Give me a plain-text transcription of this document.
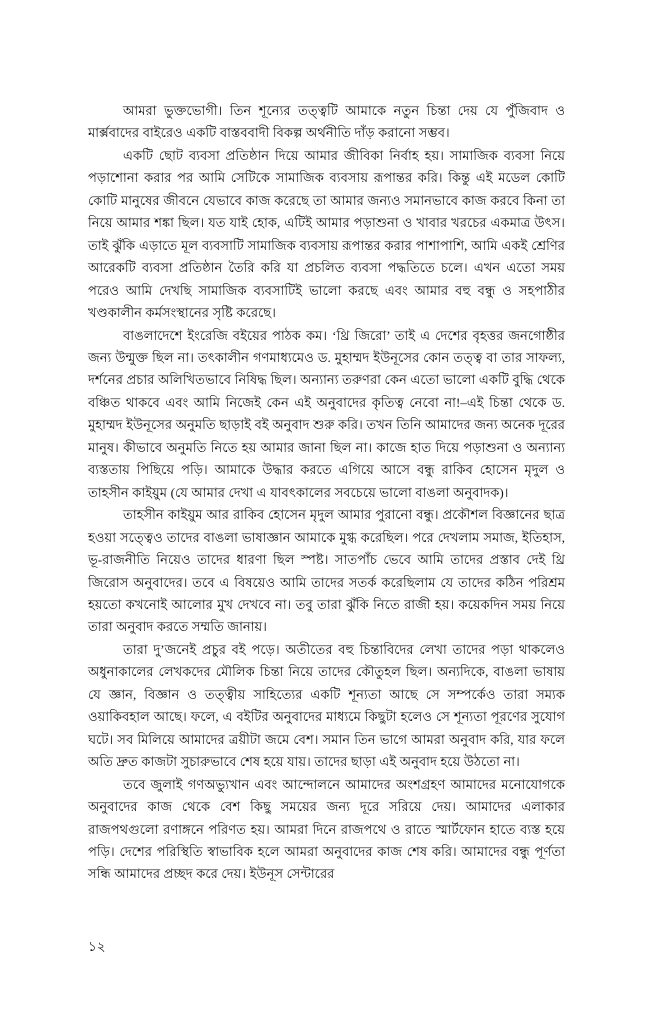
আমরা ভুক্তভোগী। তিন শূন্যের তত্ত্বটি আমাকে নতুন চিন্তা দেয় যে পুঁজিবাদ ও মার্ক্সবাদের বাইরেও একটি বাস্তববাদী বিকল্প অর্থনীতি দাঁড় করানো সম্ভব।

একটি ছোট ব্যবসা প্রতিষ্ঠান দিয়ে আমার জীবিকা নির্বাহ হয়। সামাজিক ব্যবসা নিয়ে পড়াশোনা করার পর আমি সেটিকে সামাজিক ব্যবসায় রূপান্তর করি। কিন্তু এই মডেল কোটি কোটি মানুষের জীবনে যেভাবে কাজ করেছে তা আমার জন্যও সমানভাবে কাজ করবে কিনা তা নিয়ে আমার শঙ্কা ছিল। যত যাই হোক, এটিই আমার পড়াশুনা ও খাবার খরচের একমাত্র উৎস। তাই ঝুঁকি এড়াতে মূল ব্যবসাটি সামাজিক ব্যবসায় রূপান্তর করার পাশাপাশি, আমি একই শ্রেণির আরেকটি ব্যবসা প্রতিষ্ঠান তৈরি করি যা প্রচলিত ব্যবসা পদ্ধতিতে চলে। এখন এতো সময় পরেও আমি দেখছি সামাজিক ব্যবসাটিই ভালো করছে এবং আমার বহু বন্ধু ও সহপাঠীর খণ্ডকালীন কর্মসংস্থানের সৃষ্টি করেছে।

বাঙলাদেশে ইংরেজি বইয়ের পাঠক কম। ‘থ্রি জিরো’ তাই এ দেশের বৃহত্তর জনগোষ্ঠীর জন্য উন্মুক্ত ছিল না। তৎকালীন গণমাধ্যমেও ড. মুহাম্মদ ইউনূসের কোন তত্ত্ব বা তার সাফল্য, দর্শনের প্রচার অলিখিতভাবে নিষিদ্ধ ছিল। অন্যান্য তরুণরা কেন এতো ভালো একটি বুদ্ধি থেকে বঞ্চিত থাকবে এবং আমি নিজেই কেন এই অনুবাদের কৃতিত্ব নেবো না!–এই চিন্তা থেকে ড. মুহাম্মদ ইউনূসের অনুমতি ছাড়াই বই অনুবাদ শুরু করি। তখন তিনি আমাদের জন্য অনেক দূরের মানুষ। কীভাবে অনুমতি নিতে হয় আমার জানা ছিল না। কাজে হাত দিয়ে পড়াশুনা ও অন্যান্য ব্যস্ততায় পিছিয়ে পড়ি। আমাকে উদ্ধার করতে এগিয়ে আসে বন্ধু রাকিব হোসেন মৃদুল ও তাহসীন কাইয়ুম (যে আমার দেখা এ যাবৎকালের সবচেয়ে ভালো বাঙলা অনুবাদক)।

তাহসীন কাইয়ুম আর রাকিব হোসেন মৃদুল আমার পুরানো বন্ধু। প্রকৌশল বিজ্ঞানের ছাত্র হওয়া সত্ত্বেও তাদের বাঙলা ভাষাজ্ঞান আমাকে মুগ্ধ করেছিল। পরে দেখলাম সমাজ, ইতিহাস, ভূ-রাজনীতি নিয়েও তাদের ধারণা ছিল স্পষ্ট। সাতপাঁচ ভেবে আমি তাদের প্রস্তাব দেই থ্রি জিরোস অনুবাদের। তবে এ বিষয়েও আমি তাদের সতর্ক করেছিলাম যে তাদের কঠিন পরিশ্রম হয়তো কখনোই আলোর মুখ দেখবে না। তবু তারা ঝুঁকি নিতে রাজী হয়। কয়েকদিন সময় নিয়ে তারা অনুবাদ করতে সম্মতি জানায়।

তারা দু’জনেই প্রচুর বই পড়ে। অতীতের বহু চিন্তাবিদের লেখা তাদের পড়া থাকলেও অধুনাকালের লেখকদের মৌলিক চিন্তা নিয়ে তাদের কৌতুহল ছিল। অন্যদিকে, বাঙলা ভাষায় যে জ্ঞান, বিজ্ঞান ও তত্ত্বীয় সাহিত্যের একটি শূন্যতা আছে সে সম্পর্কেও তারা সম্যক ওয়াকিবহাল আছে। ফলে, এ বইটির অনুবাদের মাধ্যমে কিছুটা হলেও সে শূন্যতা পূরণের সুযোগ ঘটে। সব মিলিয়ে আমাদের ত্রয়ীটা জমে বেশ। সমান তিন ভাগে আমরা অনুবাদ করি, যার ফলে অতি দ্রুত কাজটা সুচারুভাবে শেষ হয়ে যায়। তাদের ছাড়া এই অনুবাদ হয়ে উঠতো না।

তবে জুলাই গণঅভ্যুখান এবং আন্দোলনে আমাদের অংশগ্রহণ আমাদের মনোযোগকে অনুবাদের কাজ থেকে বেশ কিছু সময়ের জন্য দূরে সরিয়ে দেয়। আমাদের এলাকার রাজপথগুলো রণাঙ্গনে পরিণত হয়। আমরা দিনে রাজপথে ও রাতে স্মার্টফোন হাতে ব্যস্ত হয়ে পড়ি। দেশের পরিস্থিতি স্বাভাবিক হলে আমরা অনুবাদের কাজ শেষ করি। আমাদের বন্ধু পূর্ণতা সন্ধি আমাদের প্রচ্ছদ করে দেয়। ইউনূস সেন্টারের

১২
